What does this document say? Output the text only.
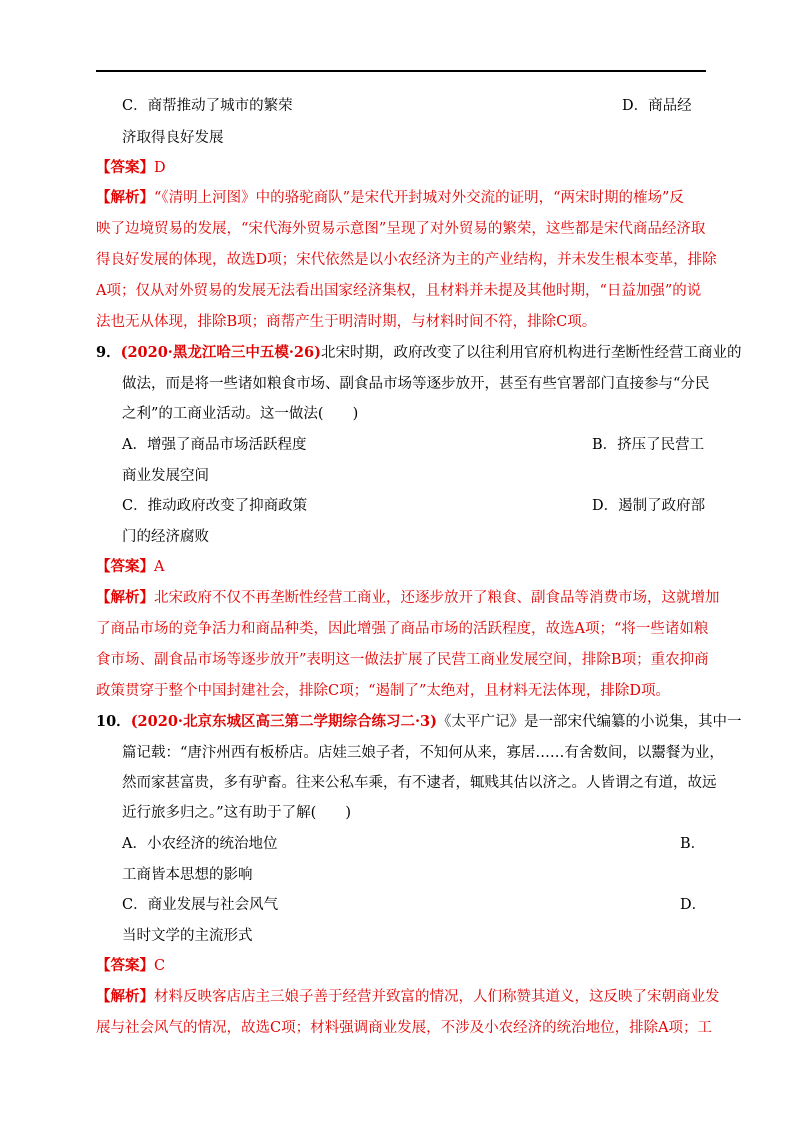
C．商帮推动了城市的繁荣	D．商品经
济取得良好发展
【答案】D
【解析】“《清明上河图》中的骆驼商队”是宋代开封城对外交流的证明，“两宋时期的榷场”反
映了边境贸易的发展，“宋代海外贸易示意图”呈现了对外贸易的繁荣，这些都是宋代商品经济取
得良好发展的体现，故选D项；宋代依然是以小农经济为主的产业结构，并未发生根本变革，排除
A项；仅从对外贸易的发展无法看出国家经济集权，且材料并未提及其他时期，“日益加强”的说
法也无从体现，排除B项；商帮产生于明清时期，与材料时间不符，排除C项。
9．(2020·黑龙江哈三中五模·26)北宋时期，政府改变了以往利用官府机构进行垄断性经营工商业的
做法，而是将一些诸如粮食市场、副食品市场等逐步放开，甚至有些官署部门直接参与“分民
之利”的工商业活动。这一做法(　　)
A．增强了商品市场活跃程度	B．挤压了民营工
商业发展空间
C．推动政府改变了抑商政策	D．遏制了政府部
门的经济腐败
【答案】A
【解析】北宋政府不仅不再垄断性经营工商业，还逐步放开了粮食、副食品等消费市场，这就增加
了商品市场的竞争活力和商品种类，因此增强了商品市场的活跃程度，故选A项；“将一些诸如粮
食市场、副食品市场等逐步放开”表明这一做法扩展了民营工商业发展空间，排除B项；重农抑商
政策贯穿于整个中国封建社会，排除C项；“遏制了”太绝对，且材料无法体现，排除D项。
10．(2020·北京东城区高三第二学期综合练习二·3)《太平广记》是一部宋代编纂的小说集，其中一
篇记载：“唐汴州西有板桥店。店娃三娘子者，不知何从来，寡居……有舍数间，以鬻餐为业，
然而家甚富贵，多有驴畜。往来公私车乘，有不逮者，辄贱其估以济之。人皆谓之有道，故远
近行旅多归之。”这有助于了解(　　)
A．小农经济的统治地位	B．
工商皆本思想的影响
C．商业发展与社会风气	D．
当时文学的主流形式
【答案】C
【解析】材料反映客店店主三娘子善于经营并致富的情况，人们称赞其道义，这反映了宋朝商业发
展与社会风气的情况，故选C项；材料强调商业发展，不涉及小农经济的统治地位，排除A项；工
